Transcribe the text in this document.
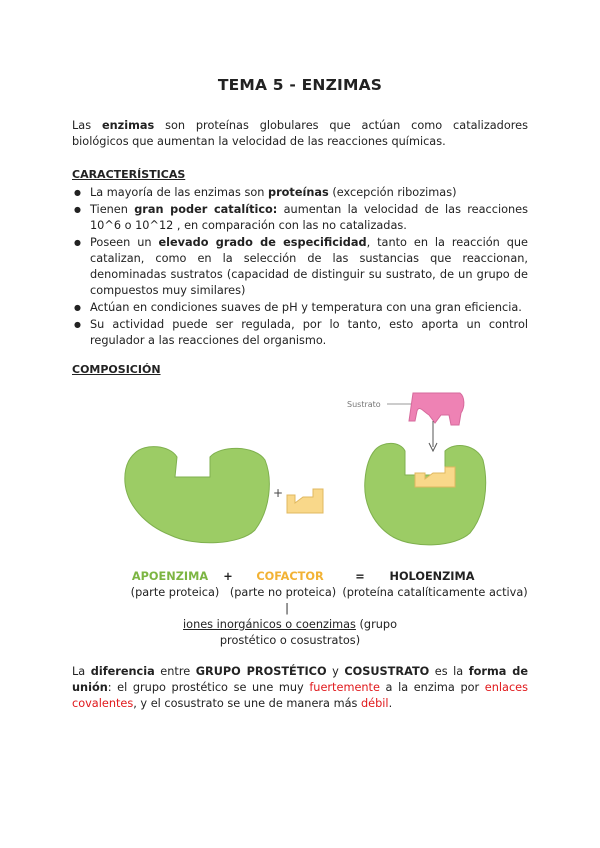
TEMA 5 - ENZIMAS

Las enzimas son proteínas globulares que actúan como catalizadores biológicos que aumentan la velocidad de las reacciones químicas.

CARACTERÍSTICAS
● La mayoría de las enzimas son proteínas (excepción ribozimas)
● Tienen gran poder catalítico: aumentan la velocidad de las reacciones 10^6 o 10^12 , en comparación con las no catalizadas.
● Poseen un elevado grado de especificidad, tanto en la reacción que catalizan, como en la selección de las sustancias que reaccionan, denominadas sustratos (capacidad de distinguir su sustrato, de un grupo de compuestos muy similares)
● Actúan en condiciones suaves de pH y temperatura con una gran eficiencia.
● Su actividad puede ser regulada, por lo tanto, esto aporta un control regulador a las reacciones del organismo.
COMPOSICIÓN
+
Sustrato
APOENZIMA +	COFACTOR	=	HOLOENZIMA
(parte proteica) (parte no proteica) (proteína catalíticamente activa)
|
iones inorgánicos o coenzimas (grupo
prostético o cosustratos)

La diferencia entre GRUPO PROSTÉTICO y COSUSTRATO es la forma de unión: el grupo prostético se une muy fuertemente a la enzima por enlaces covalentes, y el cosustrato se une de manera más débil.
